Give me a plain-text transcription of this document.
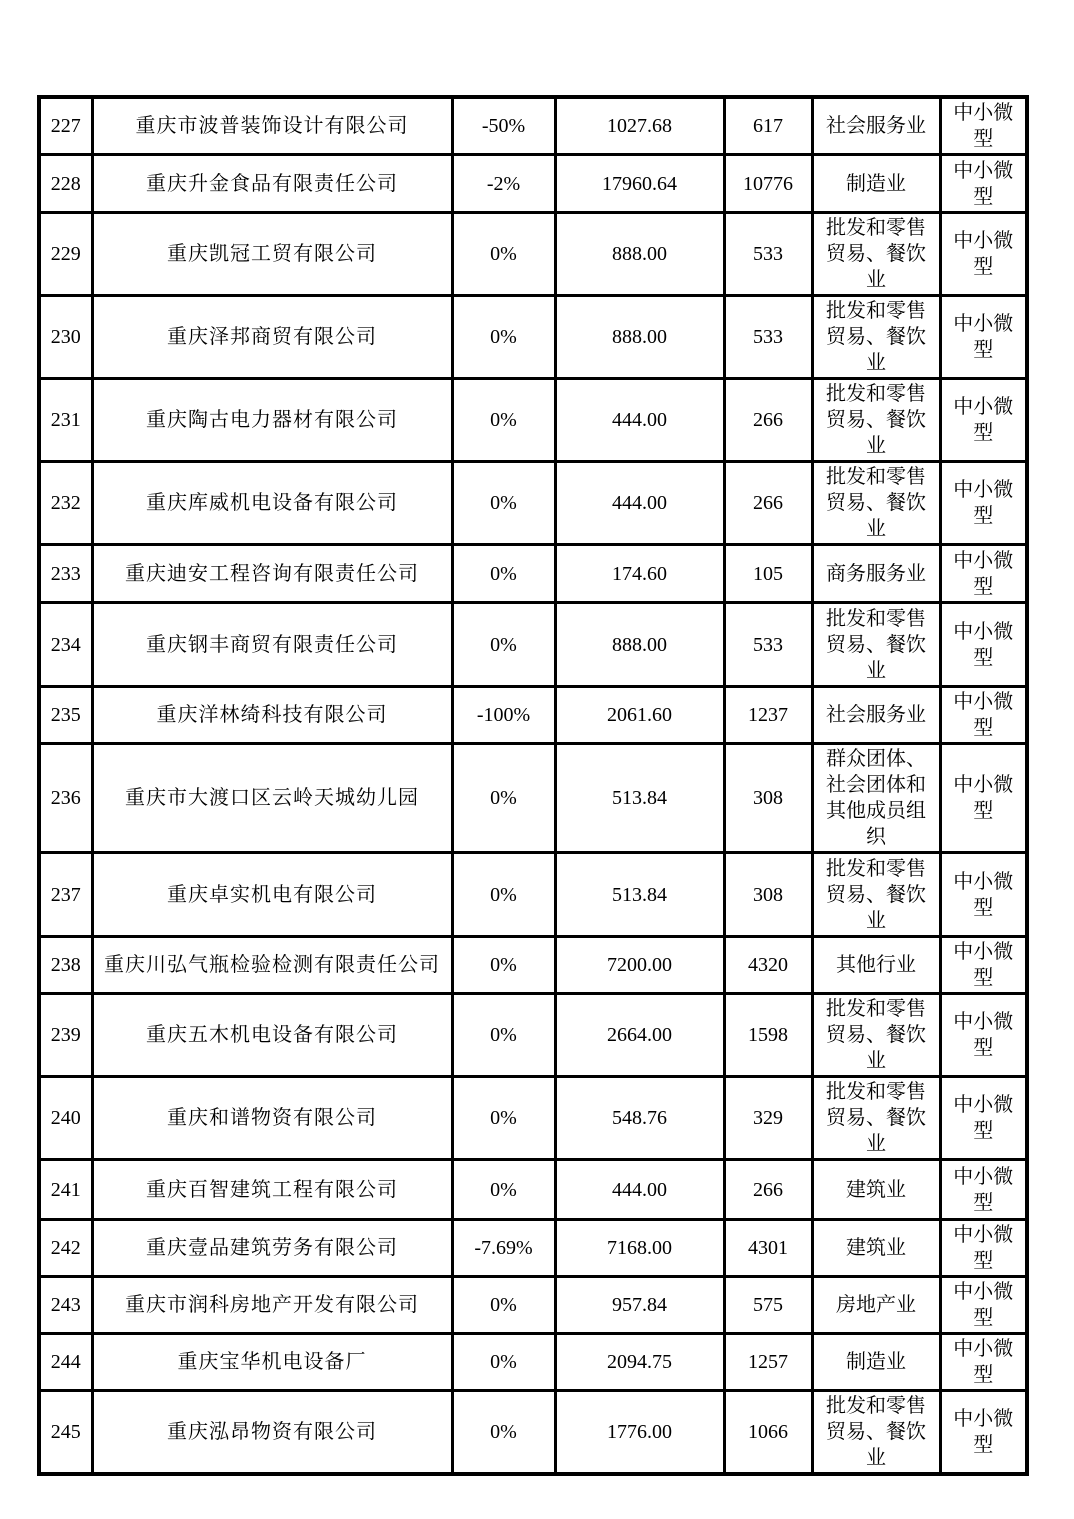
227	重庆市波普装饰设计有限公司	-50%	1027.68	617	社会服务业	中小微型
228	重庆升金食品有限责任公司	-2%	17960.64	10776	制造业	中小微型
229	重庆凯冠工贸有限公司	0%	888.00	533	批发和零售贸易、餐饮业	中小微型
230	重庆泽邦商贸有限公司	0%	888.00	533	批发和零售贸易、餐饮业	中小微型
231	重庆陶古电力器材有限公司	0%	444.00	266	批发和零售贸易、餐饮业	中小微型
232	重庆库威机电设备有限公司	0%	444.00	266	批发和零售贸易、餐饮业	中小微型
233	重庆迪安工程咨询有限责任公司	0%	174.60	105	商务服务业	中小微型
234	重庆钢丰商贸有限责任公司	0%	888.00	533	批发和零售贸易、餐饮业	中小微型
235	重庆洋林绮科技有限公司	-100%	2061.60	1237	社会服务业	中小微型
236	重庆市大渡口区云岭天城幼儿园	0%	513.84	308	群众团体、社会团体和其他成员组织	中小微型
237	重庆卓实机电有限公司	0%	513.84	308	批发和零售贸易、餐饮业	中小微型
238	重庆川弘气瓶检验检测有限责任公司	0%	7200.00	4320	其他行业	中小微型
239	重庆五木机电设备有限公司	0%	2664.00	1598	批发和零售贸易、餐饮业	中小微型
240	重庆和谱物资有限公司	0%	548.76	329	批发和零售贸易、餐饮业	中小微型
241	重庆百智建筑工程有限公司	0%	444.00	266	建筑业	中小微型
242	重庆壹品建筑劳务有限公司	-7.69%	7168.00	4301	建筑业	中小微型
243	重庆市润科房地产开发有限公司	0%	957.84	575	房地产业	中小微型
244	重庆宝华机电设备厂	0%	2094.75	1257	制造业	中小微型
245	重庆泓昂物资有限公司	0%	1776.00	1066	批发和零售贸易、餐饮业	中小微型
